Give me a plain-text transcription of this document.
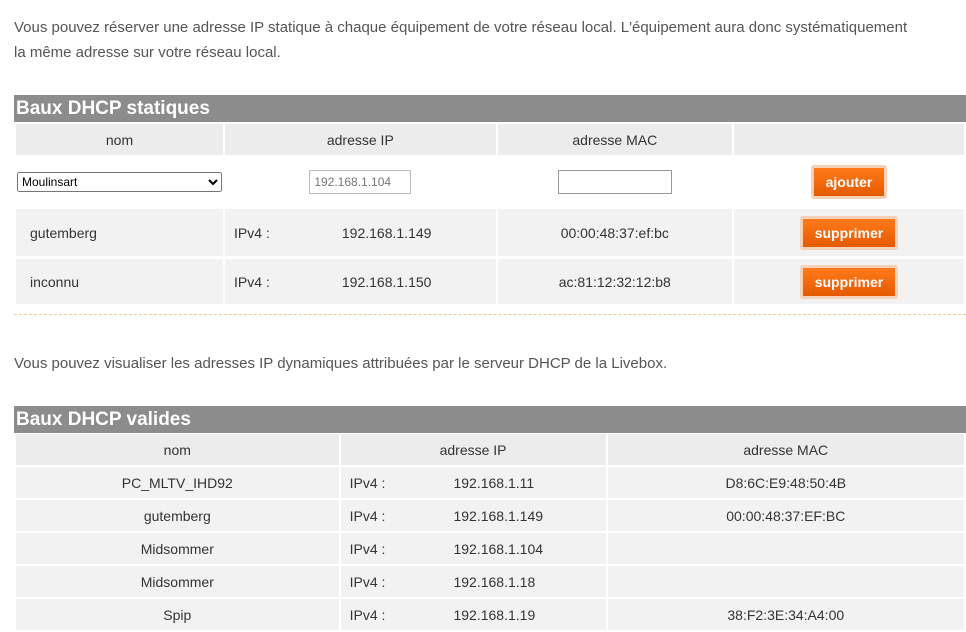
Vous pouvez réserver une adresse IP statique à chaque équipement de votre réseau local. L'équipement aura donc systématiquement la même adresse sur votre réseau local.
Baux DHCP statiques
nom	adresse IP	adresse MAC	

Moulinsart	192.168.1.104		ajouter
gutemberg	IPv4 : 192.168.1.149	00:00:48:37:ef:bc	supprimer
inconnu	IPv4 : 192.168.1.150	ac:81:12:32:12:b8	supprimer
Vous pouvez visualiser les adresses IP dynamiques attribuées par le serveur DHCP de la Livebox.
Baux DHCP valides
nom	adresse IP	adresse MAC
PC_MLTV_IHD92	IPv4 : 192.168.1.11	D8:6C:E9:48:50:4B
gutemberg	IPv4 : 192.168.1.149	00:00:48:37:EF:BC
Midsommer	IPv4 : 192.168.1.104	
Midsommer	IPv4 : 192.168.1.18	
Spip	IPv4 : 192.168.1.19	38:F2:3E:34:A4:00
